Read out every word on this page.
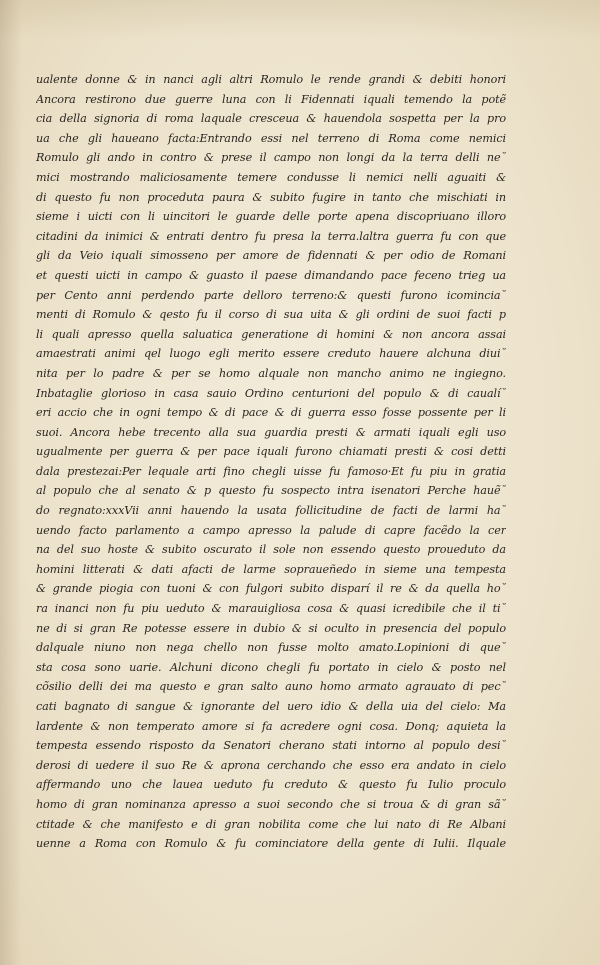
ualente donne & in nanci agli altri Romulo le rende grandi & debiti honori
Ancora restirono due guerre luna con li Fidennati iquali temendo la potẽ
cia della signoria di roma laquale cresceua & hauendola sospetta per la pro
ua che gli haueano facta:Entrando essi nel terreno di Roma come nemici
Romulo gli ando in contro & prese il campo non longi da la terra delli ne˘
mici mostrando maliciosamente temere condusse li nemici nelli aguaiti &
di questo fu non proceduta paura & subito fugire in tanto che mischiati in
sieme i uicti con li uincitori le guarde delle porte apena discopriuano illoro
citadini da inimici & entrati dentro fu presa la terra.laltra guerra fu con que
gli da Veio iquali simosseno per amore de fidennati & per odio de Romani
et questi uicti in campo & guasto il paese dimandando pace feceno trieg ua
per Cento anni perdendo parte delloro terreno:& questi furono icomincia˘
menti di Romulo & qesto fu il corso di sua uita & gli ordini de suoi facti p
li quali apresso quella saluatica generatione di homini & non ancora assai
amaestrati animi qel luogo egli merito essere creduto hauere alchuna diui˘
nita per lo padre & per se homo alquale non mancho animo ne ingiegno.
Inbataglie glorioso in casa sauio Ordino centurioni del populo & di caualí˘
eri accio che in ogni tempo & di pace & di guerra esso fosse possente per li
suoi. Ancora hebe trecento alla sua guardia presti & armati iquali egli uso
ugualmente per guerra & per pace iquali furono chiamati presti & cosi detti
dala prestezai:Per lequale arti fino chegli uisse fu famoso·Et fu piu in gratia
al populo che al senato & p questo fu sospecto intra isenatori Perche hauẽ˘
do regnato:xxxVii anni hauendo la usata follicitudine de facti de larmi ha˘
uendo facto parlamento a campo apresso la palude di capre facẽdo la cer
na del suo hoste & subito oscurato il sole non essendo questo proueduto da
homini litterati & dati afacti de larme sopraueñedo in sieme una tempesta
& grande piogia con tuoni & con fulgori subito disparí il re & da quella ho˘
ra inanci non fu piu ueduto & marauigliosa cosa & quasi icredibile che il ti˘
ne di si gran Re potesse essere in dubio & si oculto in presencia del populo
dalquale niuno non nega chello non fusse molto amato.Lopinioni di que˘
sta cosa sono uarie. Alchuni dicono chegli fu portato in cielo & posto nel
cõsilio delli dei ma questo e gran salto auno homo armato agrauato di pec˘
cati bagnato di sangue & ignorante del uero idio & della uia del cielo: Ma
lardente & non temperato amore si fa acredere ogni cosa. Donq; aquieta la
tempesta essendo risposto da Senatori cherano stati intorno al populo desi˘
derosi di uedere il suo Re & aprona cerchando che esso era andato in cielo
affermando uno che lauea ueduto fu creduto & questo fu Iulio proculo
homo di gran nominanza apresso a suoi secondo che si troua & di gran sã˘
ctitade & che manifesto e di gran nobilita come che lui nato di Re Albani
uenne a Roma con Romulo & fu cominciatore della gente di Iulii. Ilquale
